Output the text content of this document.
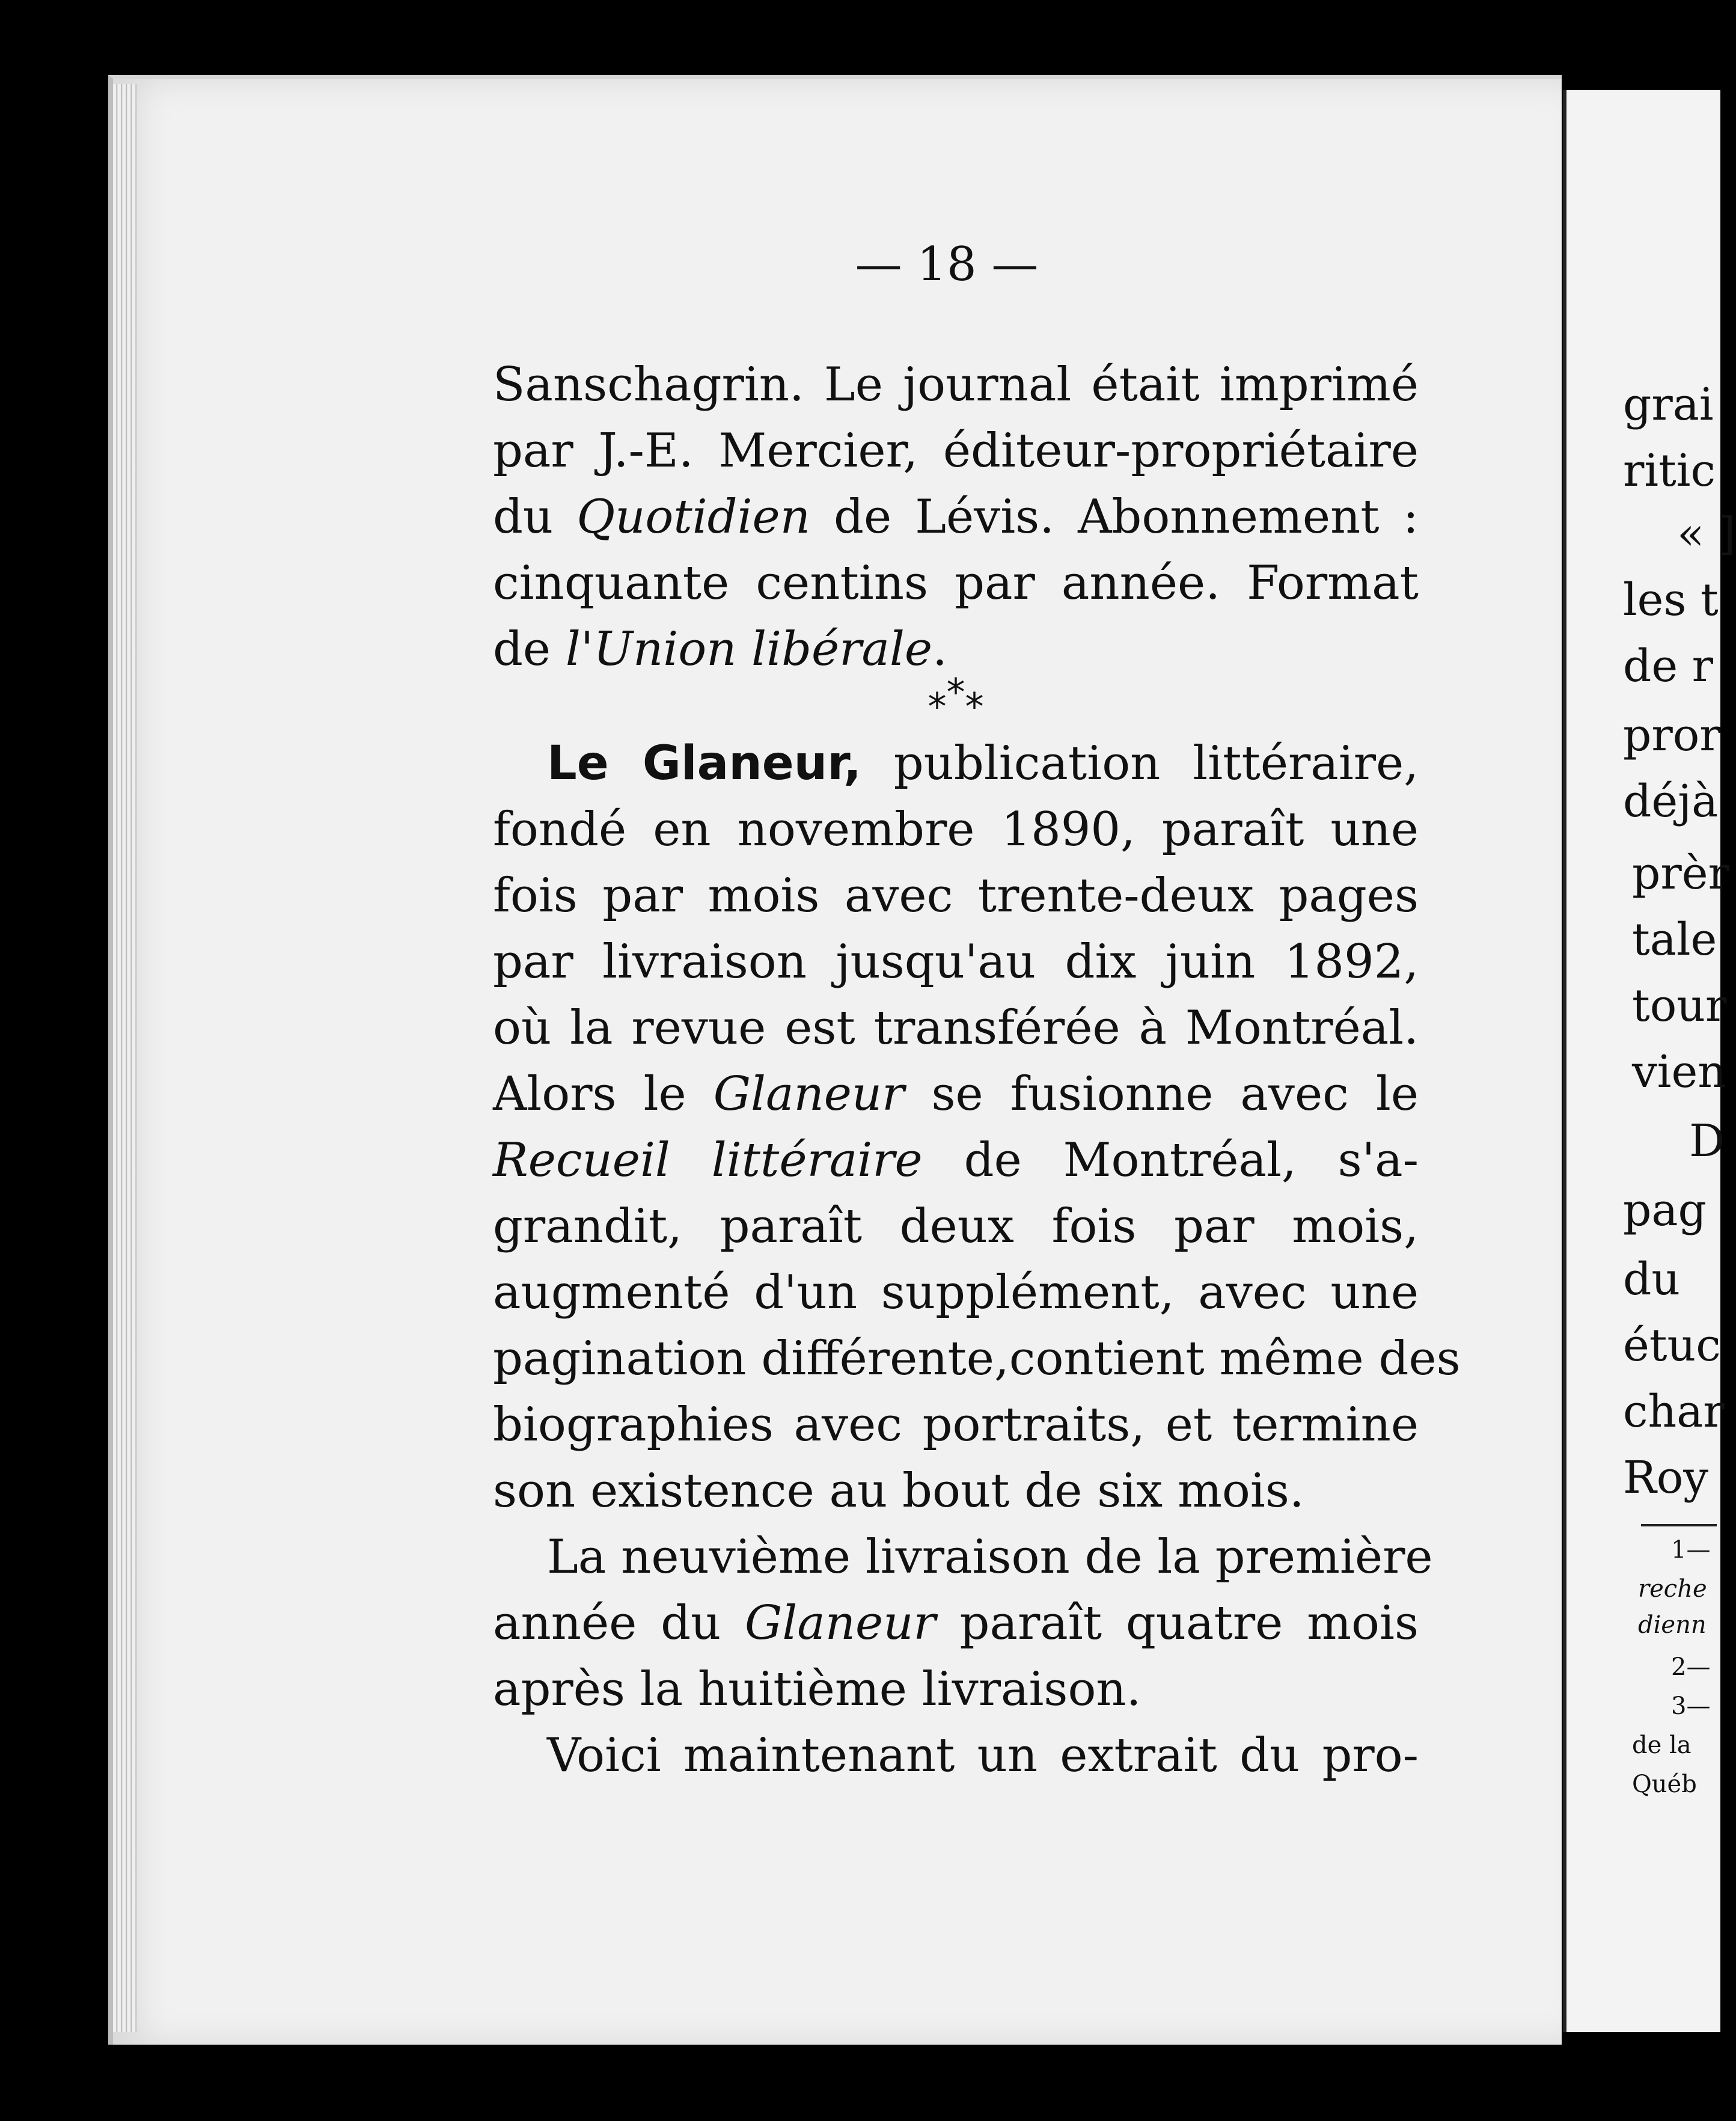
— 18 —
Sanschagrin. Le journal était imprimé
par J.-E. Mercier, éditeur-propriétaire
du Quotidien de Lévis. Abonnement :
cinquante centins par année. Format
de l'Union libérale.
***
Le Glaneur, publication littéraire,
fondé en novembre 1890, paraît une
fois par mois avec trente-deux pages
par livraison jusqu'au dix juin 1892,
où la revue est transférée à Montréal.
Alors le Glaneur se fusionne avec le
Recueil littéraire de Montréal, s'a-
grandit, paraît deux fois par mois,
augmenté d'un supplément, avec une
pagination différente,contient même des
biographies avec portraits, et termine
son existence au bout de six mois.
La neuvième livraison de la première
année du Glaneur paraît quatre mois
après la huitième livraison.
Voici maintenant un extrait du pro-
grai
ritic
« ]
les t
de r
pror
déjà
prèr
tale
tour
vien
D
pag
du
étuc
char
Roy
1—
reche
dienn
2—
3—
de la
Québ
